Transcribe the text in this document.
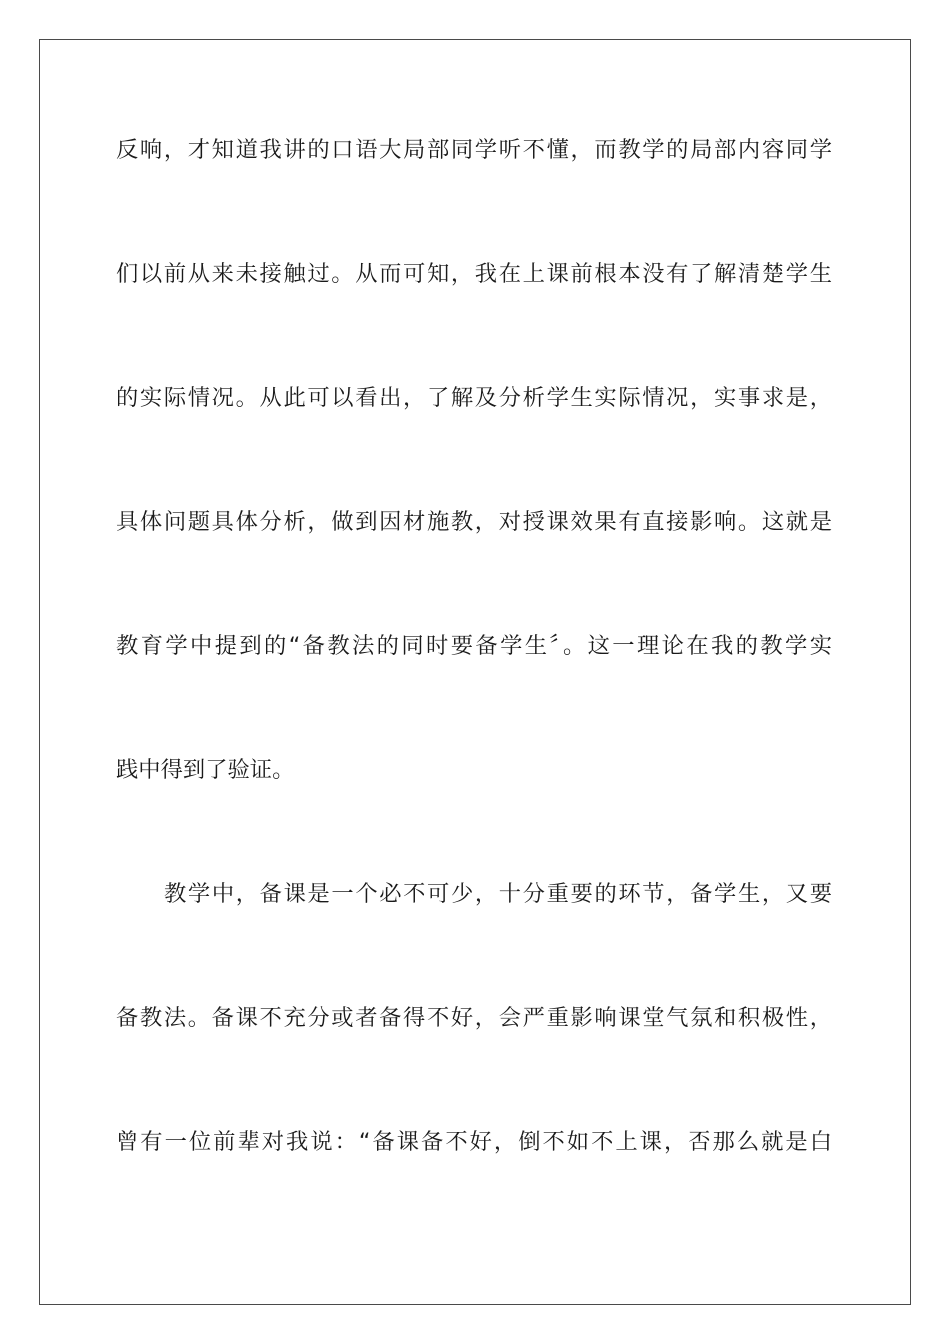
反响，才知道我讲的口语大局部同学听不懂，而教学的局部内容同学
们以前从来未接触过。从而可知，我在上课前根本没有了解清楚学生
的实际情况。从此可以看出，了解及分析学生实际情况，实事求是，
具体问题具体分析，做到因材施教，对授课效果有直接影响。这就是
教育学中提到的“备教法的同时要备学生〞。这一理论在我的教学实
践中得到了验证。
教学中，备课是一个必不可少，十分重要的环节，备学生，又要
备教法。备课不充分或者备得不好，会严重影响课堂气氛和积极性，
曾有一位前辈对我说：“备课备不好，倒不如不上课，否那么就是白
